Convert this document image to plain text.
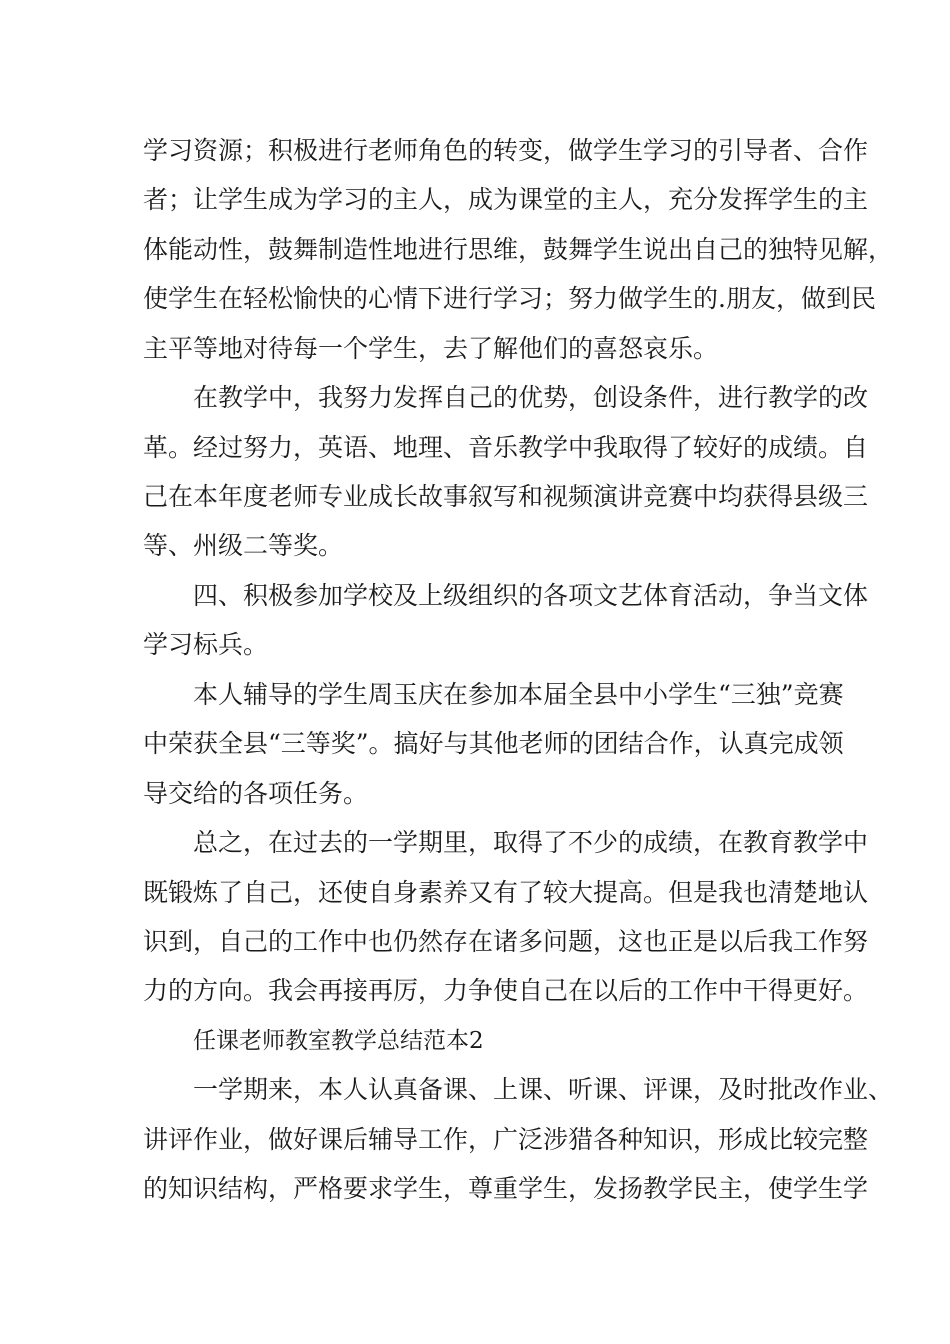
学习资源；积极进行老师角色的转变，做学生学习的引导者、合作
者；让学生成为学习的主人，成为课堂的主人，充分发挥学生的主
体能动性，鼓舞制造性地进行思维，鼓舞学生说出自己的独特见解，
使学生在轻松愉快的心情下进行学习；努力做学生的.朋友，做到民
主平等地对待每一个学生，去了解他们的喜怒哀乐。
在教学中，我努力发挥自己的优势，创设条件，进行教学的改
革。经过努力，英语、地理、音乐教学中我取得了较好的成绩。自
己在本年度老师专业成长故事叙写和视频演讲竞赛中均获得县级三
等、州级二等奖。
四、积极参加学校及上级组织的各项文艺体育活动，争当文体
学习标兵。
本人辅导的学生周玉庆在参加本届全县中小学生“三独”竞赛
中荣获全县“三等奖”。搞好与其他老师的团结合作，认真完成领
导交给的各项任务。
总之，在过去的一学期里，取得了不少的成绩，在教育教学中
既锻炼了自己，还使自身素养又有了较大提高。但是我也清楚地认
识到，自己的工作中也仍然存在诸多问题，这也正是以后我工作努
力的方向。我会再接再厉，力争使自己在以后的工作中干得更好。
任课老师教室教学总结范本2
一学期来，本人认真备课、上课、听课、评课，及时批改作业、
讲评作业，做好课后辅导工作，广泛涉猎各种知识，形成比较完整
的知识结构，严格要求学生，尊重学生，发扬教学民主，使学生学
